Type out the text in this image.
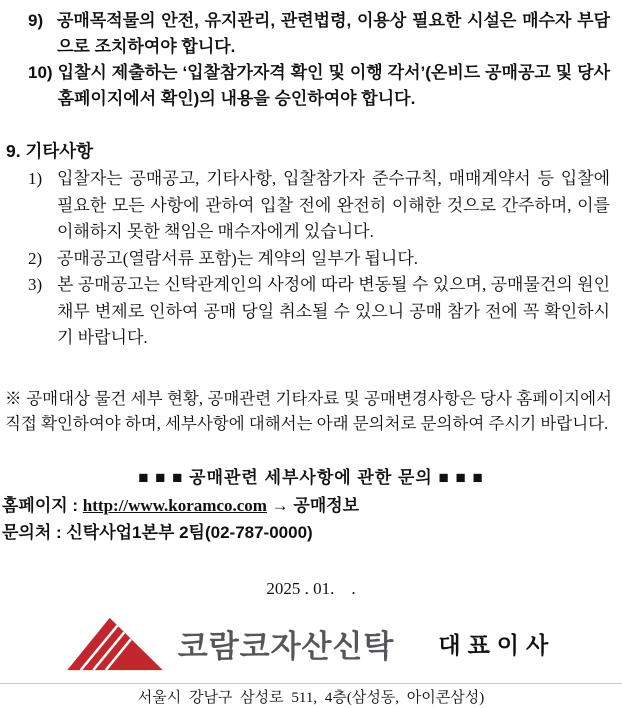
9) 공매목적물의 안전, 유지관리, 관련법령, 이용상 필요한 시설은 매수자 부담으로 조치하여야 합니다.
10) 입찰시 제출하는 ‘입찰참가자격 확인 및 이행 각서’(온비드 공매공고 및 당사 홈페이지에서 확인)의 내용을 승인하여야 합니다.
9. 기타사항
1) 입찰자는 공매공고, 기타사항, 입찰참가자 준수규칙, 매매계약서 등 입찰에 필요한 모든 사항에 관하여 입찰 전에 완전히 이해한 것으로 간주하며, 이를 이해하지 못한 책임은 매수자에게 있습니다.
2) 공매공고(열람서류 포함)는 계약의 일부가 됩니다.
3) 본 공매공고는 신탁관계인의 사정에 따라 변동될 수 있으며, 공매물건의 원인채무 변제로 인하여 공매 당일 취소될 수 있으니 공매 참가 전에 꼭 확인하시기 바랍니다.
※ 공매대상 물건 세부 현황, 공매관련 기타자료 및 공매변경사항은 당사 홈페이지에서 직접 확인하여야 하며, 세부사항에 대해서는 아래 문의처로 문의하여 주시기 바랍니다.
■ ■ ■ 공매관련 세부사항에 관한 문의 ■ ■ ■
홈페이지 : http://www.koramco.com → 공매정보
문의처 : 신탁사업1본부 2팀(02-787-0000)
2025 . 01.    .
코람코자산신탁 대표이사
서울시 강남구 삼성로 511, 4층(삼성동, 아이콘삼성)
